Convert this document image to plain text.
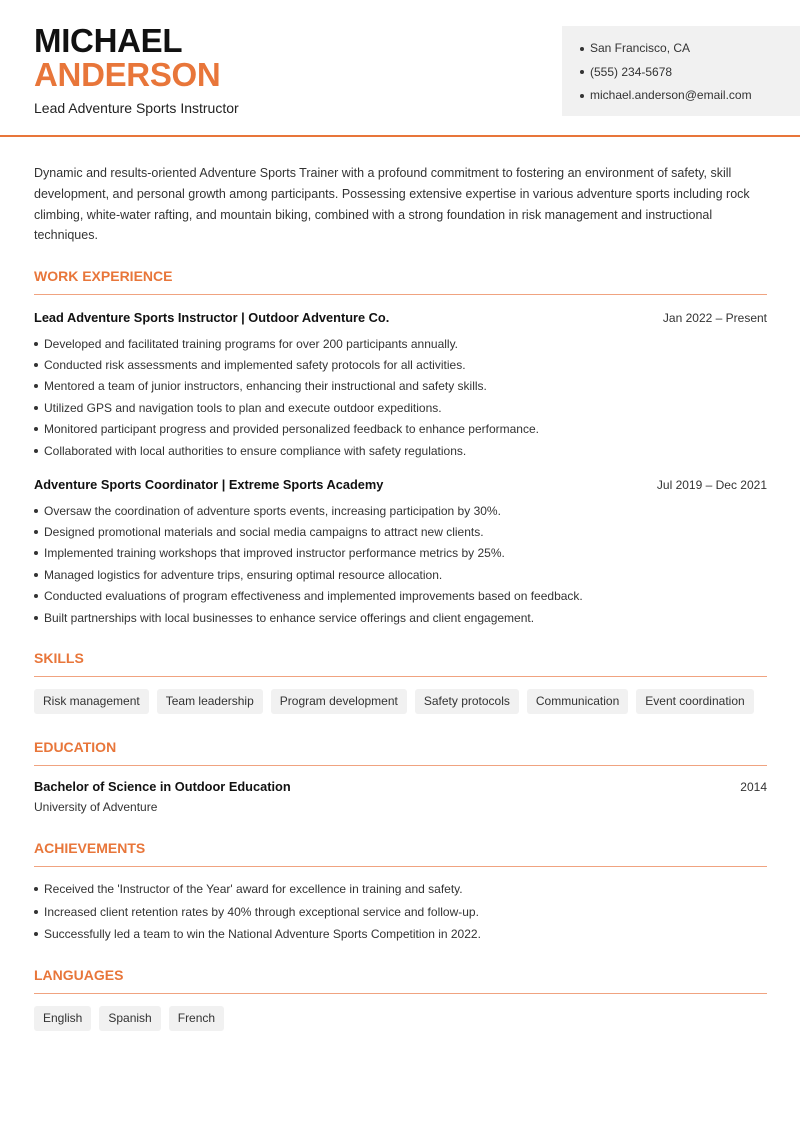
MICHAEL
ANDERSON
Lead Adventure Sports Instructor
San Francisco, CA
(555) 234-5678
michael.anderson@email.com

Dynamic and results-oriented Adventure Sports Trainer with a profound commitment to fostering an environment of safety, skill development, and personal growth among participants. Possessing extensive expertise in various adventure sports including rock climbing, white-water rafting, and mountain biking, combined with a strong foundation in risk management and instructional techniques.

WORK EXPERIENCE
Lead Adventure Sports Instructor | Outdoor Adventure Co.	Jan 2022 – Present
Developed and facilitated training programs for over 200 participants annually.
Conducted risk assessments and implemented safety protocols for all activities.
Mentored a team of junior instructors, enhancing their instructional and safety skills.
Utilized GPS and navigation tools to plan and execute outdoor expeditions.
Monitored participant progress and provided personalized feedback to enhance performance.
Collaborated with local authorities to ensure compliance with safety regulations.
Adventure Sports Coordinator | Extreme Sports Academy	Jul 2019 – Dec 2021
Oversaw the coordination of adventure sports events, increasing participation by 30%.
Designed promotional materials and social media campaigns to attract new clients.
Implemented training workshops that improved instructor performance metrics by 25%.
Managed logistics for adventure trips, ensuring optimal resource allocation.
Conducted evaluations of program effectiveness and implemented improvements based on feedback.
Built partnerships with local businesses to enhance service offerings and client engagement.
SKILLS
Risk management	Team leadership	Program development	Safety protocols	Communication	Event coordination
EDUCATION
Bachelor of Science in Outdoor Education	2014
University of Adventure
ACHIEVEMENTS
Received the 'Instructor of the Year' award for excellence in training and safety.
Increased client retention rates by 40% through exceptional service and follow-up.
Successfully led a team to win the National Adventure Sports Competition in 2022.
LANGUAGES
English	Spanish	French
